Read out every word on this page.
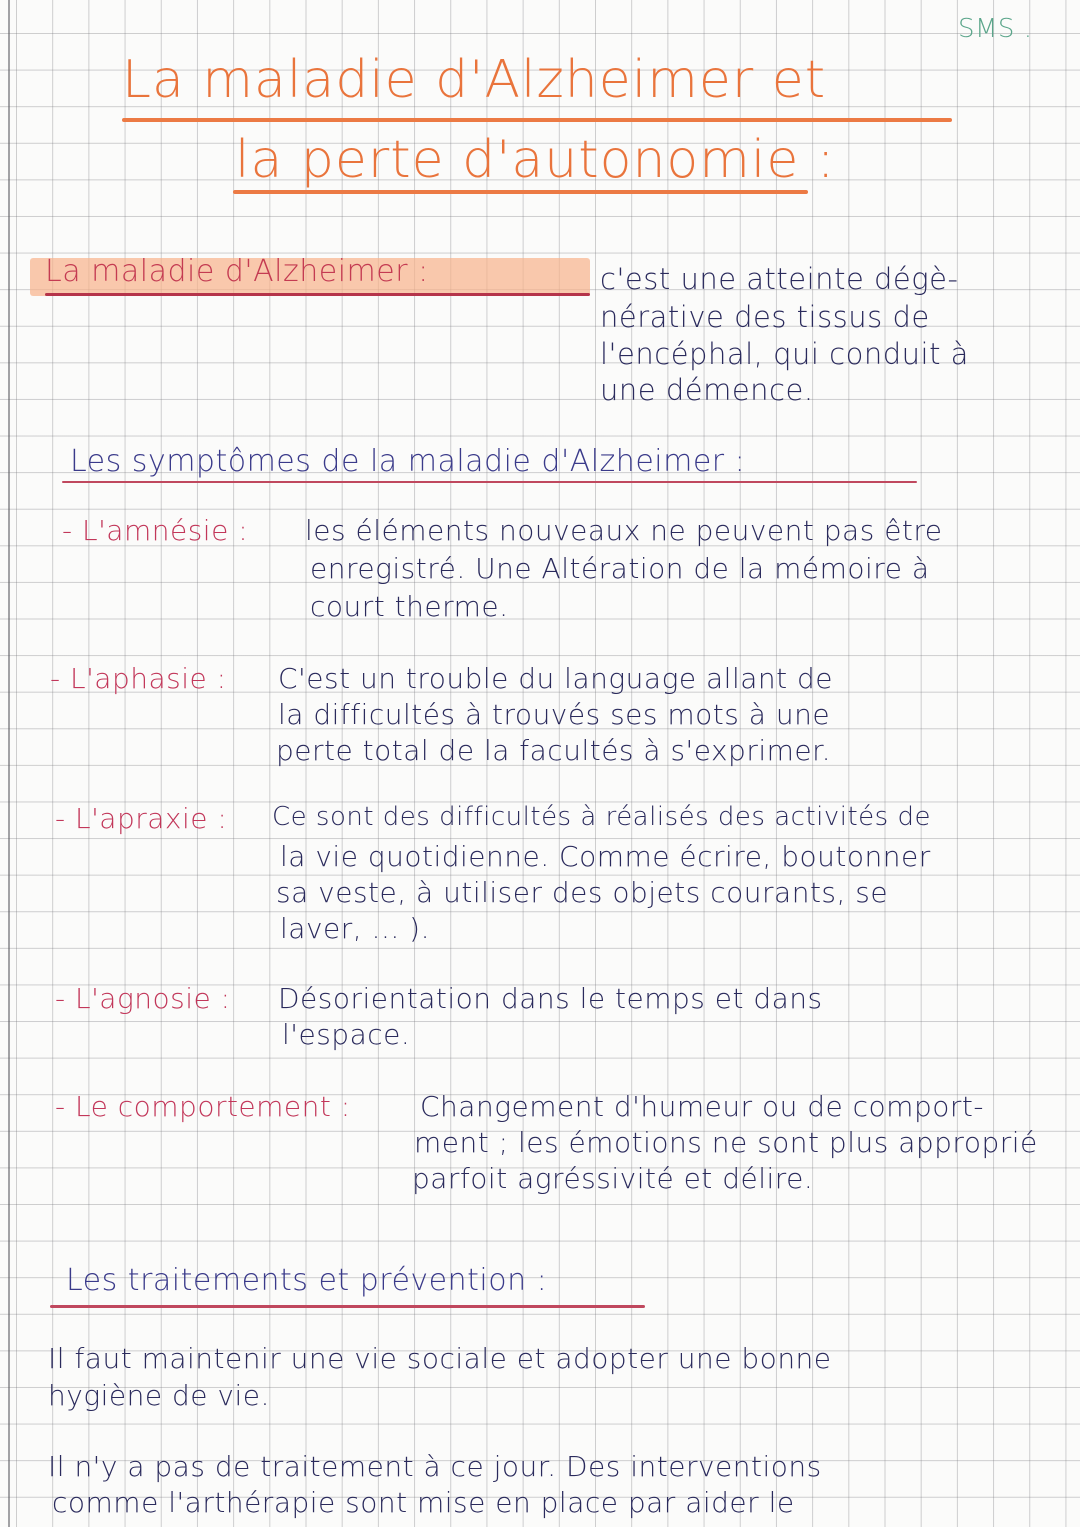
SMS .
La maladie d'Alzheimer et
la perte d'autonomie :
La maladie d'Alzheimer :	c'est une atteinte dégè-
nérative des tissus de
l'encéphal, qui conduit à
une démence.
Les symptômes de la maladie d'Alzheimer :
- L'amnésie : les éléments nouveaux ne peuvent pas être
enregistré. Une Altération de la mémoire à
court therme.
- L'aphasie : C'est un trouble du language allant de
la difficultés à trouvés ses mots à une
perte total de la facultés à s'exprimer.
- L'apraxie : Ce sont des difficultés à réalisés des activités de
la vie quotidienne. Comme écrire, boutonner
sa veste, à utiliser des objets courants, se
laver, ... ).
- L'agnosie : Désorientation dans le temps et dans
l'espace.
- Le comportement : Changement d'humeur ou de comport-
ment ; les émotions ne sont plus approprié
parfoit agréssivité et délire.
Les traitements et prévention :
Il faut maintenir une vie sociale et adopter une bonne
hygiène de vie.
Il n'y a pas de traitement à ce jour. Des interventions
comme l'arthérapie sont mise en place par aider le
